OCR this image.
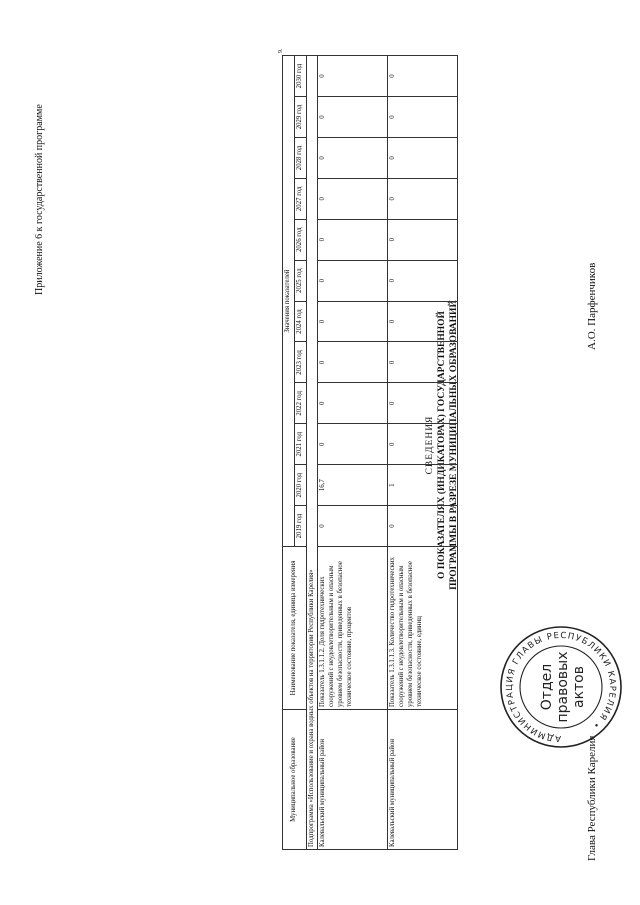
Приложение 6 к государственной программе
СВЕДЕНИЯ О ПОКАЗАТЕЛЯХ (ИНДИКАТОРАХ) ГОСУДАРСТВЕННОЙ ПРОГРАММЫ В РАЗРЕЗЕ МУНИЦИПАЛЬНЫХ ОБРАЗОВАНИЙ
9.
Муниципальное образование	Наименование показателя, единица измерения	Значения показателей											
		2019 год	2020 год	2021 год	2022 год	2023 год	2024 год	2025 год	2026 год	2027 год	2028 год	2029 год	2030 год
Подпрограмма «Использование и охрана водных объектов на территории Республики Карелия»													
Калевальский муниципальный район	Показатель 1.3.1.1.2. Доля гидротехнических сооружений с неудовлетворительным и опасным уровнем безопасности, приведенных в безопасное техническое состояние, процентов	0	16,7	0	0	0	0	0	0	0	0	0	0
Калевальский муниципальный район	Показатель 1.3.1.1.3. Количество гидротехнических сооружений с неудовлетворительным и опасным уровнем безопасности, приведенных в безопасное техническое состояние, единиц	0	1	0	0	0	0	0	0	0	0	0	0
Глава Республики Карелия
А.О. Парфенчиков
АДМИНИСТРАЦИЯ ГЛАВЫ РЕСПУБЛИКИ КАРЕЛИЯ •
Отдел правовых актов
